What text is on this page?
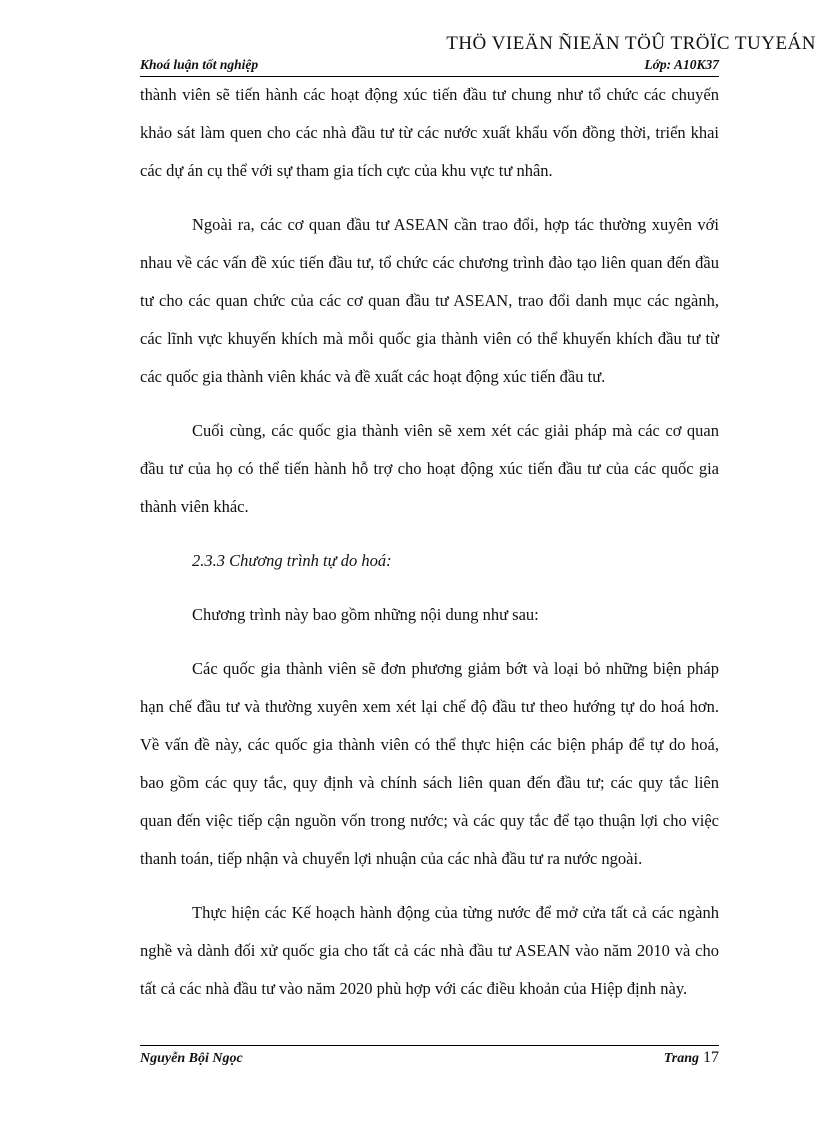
THÖ VIEÄN ÑIEÄN TÖÛ TRÖÏC TUYEÁN
Khoá luận tốt nghiệp	Lớp: A10K37

thành viên sẽ tiến hành các hoạt động xúc tiến đầu tư chung như tổ chức các chuyến khảo sát làm quen cho các nhà đầu tư từ các nước xuất khẩu vốn đồng thời, triển khai các dự án cụ thể với sự tham gia tích cực của khu vực tư nhân.

Ngoài ra, các cơ quan đầu tư ASEAN cần trao đổi, hợp tác thường xuyên với nhau về các vấn đề xúc tiến đầu tư, tổ chức các chương trình đào tạo liên quan đến đầu tư cho các quan chức của các cơ quan đầu tư ASEAN, trao đổi danh mục các ngành, các lĩnh vực khuyến khích mà mỗi quốc gia thành viên có thể khuyến khích đầu tư từ các quốc gia thành viên khác và đề xuất các hoạt động xúc tiến đầu tư.

Cuối cùng, các quốc gia thành viên sẽ xem xét các giải pháp mà các cơ quan đầu tư của họ có thể tiến hành hỗ trợ cho hoạt động xúc tiến đầu tư của các quốc gia thành viên khác.

2.3.3 Chương trình tự do hoá:

Chương trình này bao gồm những nội dung như sau:

Các quốc gia thành viên sẽ đơn phương giảm bớt và loại bỏ những biện pháp hạn chế đầu tư và thường xuyên xem xét lại chế độ đầu tư theo hướng tự do hoá hơn. Về vấn đề này, các quốc gia thành viên có thể thực hiện các biện pháp để tự do hoá, bao gồm các quy tắc, quy định và chính sách liên quan đến đầu tư; các quy tắc liên quan đến việc tiếp cận nguồn vốn trong nước; và các quy tắc để tạo thuận lợi cho việc thanh toán, tiếp nhận và chuyển lợi nhuận của các nhà đầu tư ra nước ngoài.

Thực hiện các Kế hoạch hành động của từng nước để mở cửa tất cả các ngành nghề và dành đối xử quốc gia cho tất cả các nhà đầu tư ASEAN vào năm 2010 và cho tất cả các nhà đầu tư vào năm 2020 phù hợp với các điều khoản của Hiệp định này.

Nguyễn Bội Ngọc	Trang 17
